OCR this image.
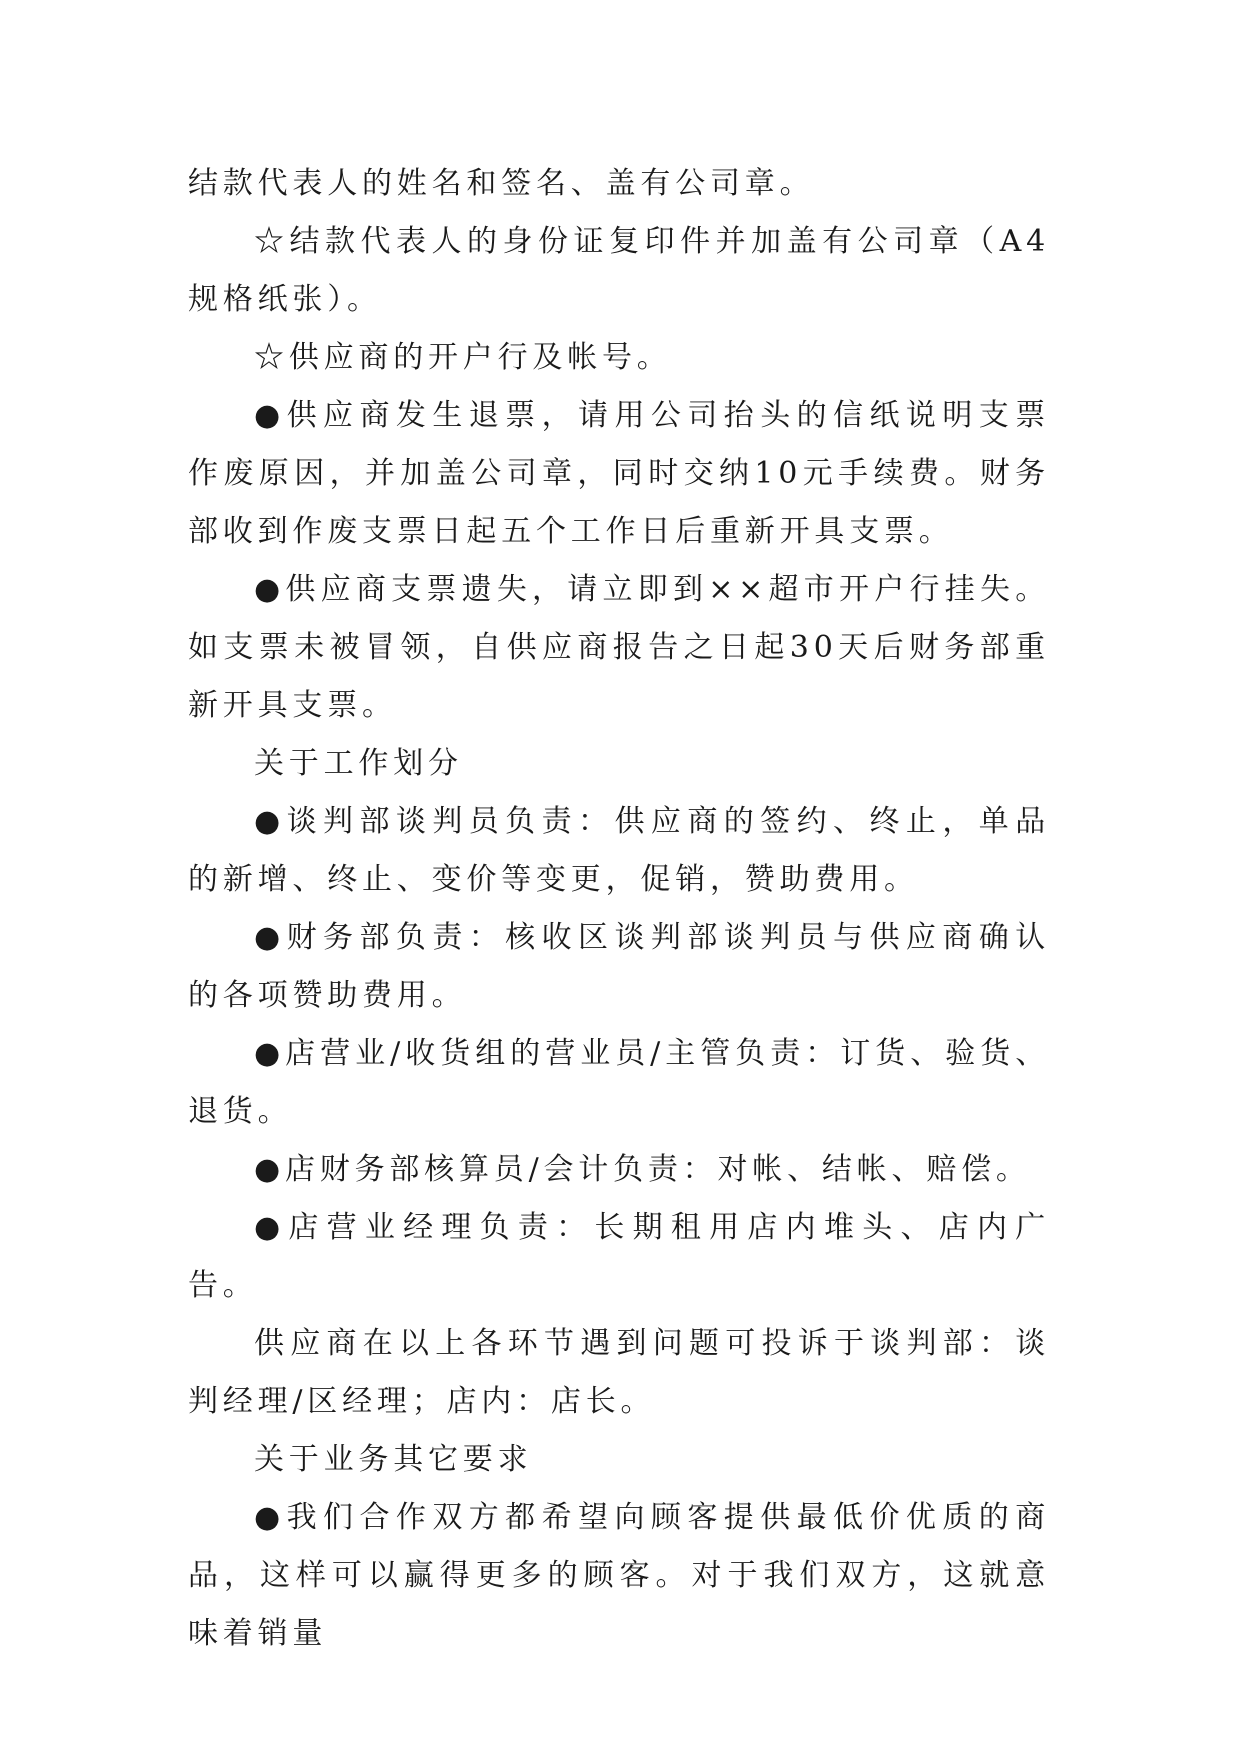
结款代表人的姓名和签名、盖有公司章。

☆结款代表人的身份证复印件并加盖有公司章（A4规格纸张）。

☆供应商的开户行及帐号。

●供应商发生退票，请用公司抬头的信纸说明支票作废原因，并加盖公司章，同时交纳10元手续费。财务部收到作废支票日起五个工作日后重新开具支票。

●供应商支票遗失，请立即到××超市开户行挂失。如支票未被冒领，自供应商报告之日起30天后财务部重新开具支票。

关于工作划分

●谈判部谈判员负责：供应商的签约、终止，单品的新增、终止、变价等变更，促销，赞助费用。

●财务部负责：核收区谈判部谈判员与供应商确认的各项赞助费用。

●店营业/收货组的营业员/主管负责：订货、验货、退货。

●店财务部核算员/会计负责：对帐、结帐、赔偿。

●店营业经理负责：长期租用店内堆头、店内广告。

供应商在以上各环节遇到问题可投诉于谈判部：谈判经理/区经理；店内：店长。

关于业务其它要求

●我们合作双方都希望向顾客提供最低价优质的商品，这样可以赢得更多的顾客。对于我们双方，这就意味着销量
